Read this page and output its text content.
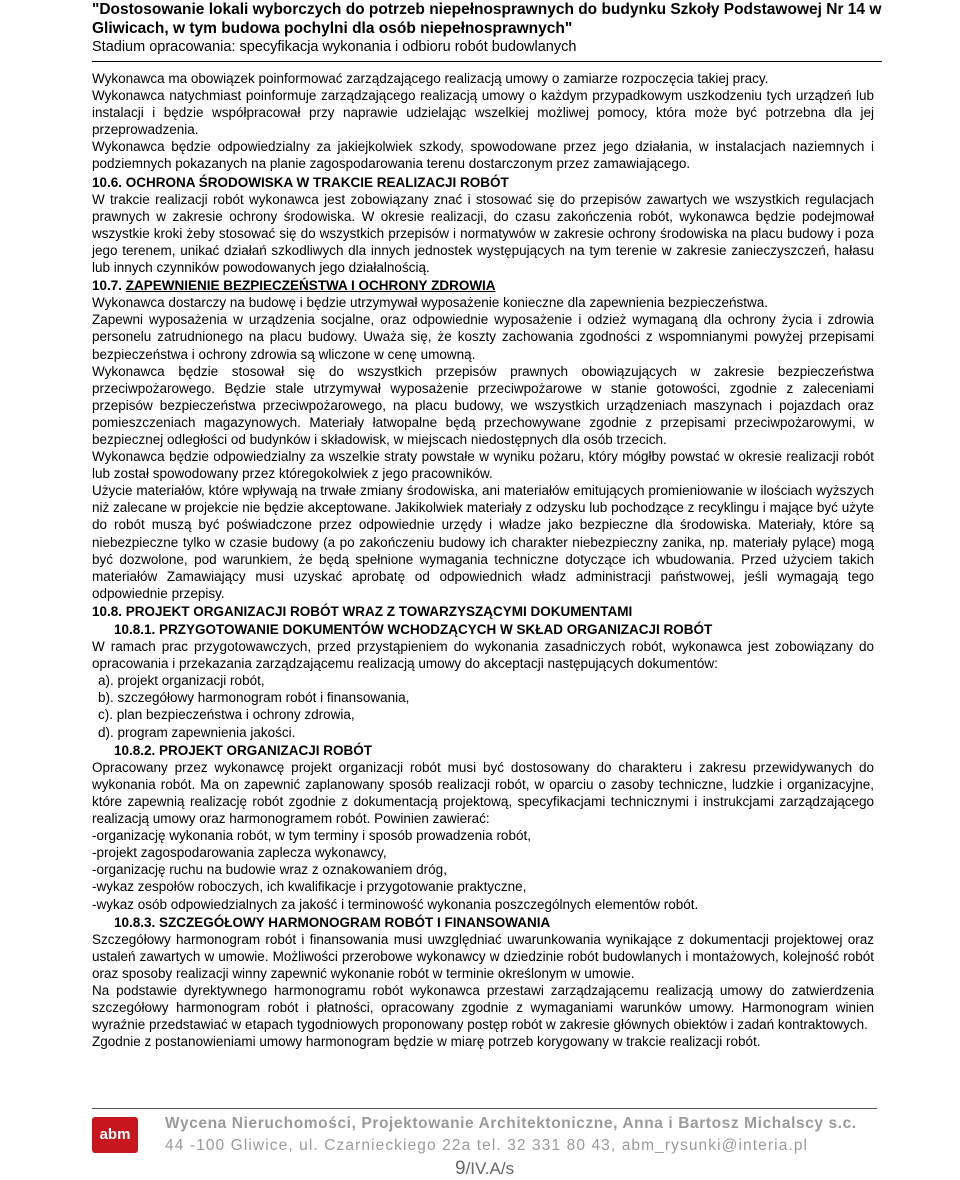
"Dostosowanie lokali wyborczych do potrzeb niepełnosprawnych do budynku Szkoły Podstawowej Nr 14 w
Gliwicach, w tym budowa pochylni dla osób niepełnosprawnych"
Stadium opracowania: specyfikacja wykonania i odbioru robót budowlanych

Wykonawca ma obowiązek poinformować zarządzającego realizacją umowy o zamiarze rozpoczęcia takiej pracy.

Wykonawca natychmiast poinformuje zarządzającego realizacją umowy o każdym przypadkowym uszkodzeniu tych urządzeń lub instalacji i będzie współpracował przy naprawie udzielając wszelkiej możliwej pomocy, która może być potrzebna dla jej przeprowadzenia.

Wykonawca będzie odpowiedzialny za jakiejkolwiek szkody, spowodowane przez jego działania, w instalacjach naziemnych i podziemnych pokazanych na planie zagospodarowania terenu dostarczonym przez zamawiającego.

10.6. OCHRONA ŚRODOWISKA W TRAKCIE REALIZACJI ROBÓT

W trakcie realizacji robót wykonawca jest zobowiązany znać i stosować się do przepisów zawartych we wszystkich regulacjach prawnych w zakresie ochrony środowiska. W okresie realizacji, do czasu zakończenia robót, wykonawca będzie podejmował wszystkie kroki żeby stosować się do wszystkich przepisów i normatywów w zakresie ochrony środowiska na placu budowy i poza jego terenem, unikać działań szkodliwych dla innych jednostek występujących na tym terenie w zakresie zanieczyszczeń, hałasu lub innych czynników powodowanych jego działalnością.

10.7. ZAPEWNIENIE BEZPIECZEŃSTWA I OCHRONY ZDROWIA

Wykonawca dostarczy na budowę i będzie utrzymywał wyposażenie konieczne dla zapewnienia bezpieczeństwa.

Zapewni wyposażenia w urządzenia socjalne, oraz odpowiednie wyposażenie i odzież wymaganą dla ochrony życia i zdrowia personelu zatrudnionego na placu budowy. Uważa się, że koszty zachowania zgodności z wspomnianymi powyżej przepisami bezpieczeństwa i ochrony zdrowia są wliczone w cenę umowną.

Wykonawca będzie stosował się do wszystkich przepisów prawnych obowiązujących w zakresie bezpieczeństwa przeciwpożarowego. Będzie stale utrzymywał wyposażenie przeciwpożarowe w stanie gotowości, zgodnie z zaleceniami przepisów bezpieczeństwa przeciwpożarowego, na placu budowy, we wszystkich urządzeniach maszynach i pojazdach oraz pomieszczeniach magazynowych. Materiały łatwopalne będą przechowywane zgodnie z przepisami przeciwpożarowymi, w bezpiecznej odległości od budynków i składowisk, w miejscach niedostępnych dla osób trzecich.

Wykonawca będzie odpowiedzialny za wszelkie straty powstałe w wyniku pożaru, który mógłby powstać w okresie realizacji robót lub został spowodowany przez któregokolwiek z jego pracowników.

Użycie materiałów, które wpływają na trwałe zmiany środowiska, ani materiałów emitujących promieniowanie w ilościach wyższych niż zalecane w projekcie nie będzie akceptowane. Jakikolwiek materiały z odzysku lub pochodzące z recyklingu i mające być użyte do robót muszą być poświadczone przez odpowiednie urzędy i władze jako bezpieczne dla środowiska. Materiały, które są niebezpieczne tylko w czasie budowy (a po zakończeniu budowy ich charakter niebezpieczny zanika, np. materiały pylące) mogą być dozwolone, pod warunkiem, że będą spełnione wymagania techniczne dotyczące ich wbudowania. Przed użyciem takich materiałów Zamawiający musi uzyskać aprobatę od odpowiednich władz administracji państwowej, jeśli wymagają tego odpowiednie przepisy.

10.8. PROJEKT ORGANIZACJI ROBÓT WRAZ Z TOWARZYSZĄCYMI DOKUMENTAMI
10.8.1. PRZYGOTOWANIE DOKUMENTÓW WCHODZĄCYCH W SKŁAD ORGANIZACJI ROBÓT

W ramach prac przygotowawczych, przed przystąpieniem do wykonania zasadniczych robót, wykonawca jest zobowiązany do opracowania i przekazania zarządzającemu realizacją umowy do akceptacji następujących dokumentów:

a). projekt organizacji robót,
b). szczegółowy harmonogram robót i finansowania,
c). plan bezpieczeństwa i ochrony zdrowia,
d). program zapewnienia jakości.
10.8.2. PROJEKT ORGANIZACJI ROBÓT

Opracowany przez wykonawcę projekt organizacji robót musi być dostosowany do charakteru i zakresu przewidywanych do wykonania robót. Ma on zapewnić zaplanowany sposób realizacji robót, w oparciu o zasoby techniczne, ludzkie i organizacyjne, które zapewnią realizację robót zgodnie z dokumentacją projektową, specyfikacjami technicznymi i instrukcjami zarządzającego realizacją umowy oraz harmonogramem robót. Powinien zawierać:

-organizację wykonania robót, w tym terminy i sposób prowadzenia robót,
-projekt zagospodarowania zaplecza wykonawcy,
-organizację ruchu na budowie wraz z oznakowaniem dróg,
-wykaz zespołów roboczych, ich kwalifikacje i przygotowanie praktyczne,
-wykaz osób odpowiedzialnych za jakość i terminowość wykonania poszczególnych elementów robót.
10.8.3. SZCZEGÓŁOWY HARMONOGRAM ROBÓT I FINANSOWANIA

Szczegółowy harmonogram robót i finansowania musi uwzględniać uwarunkowania wynikające z dokumentacji projektowej oraz ustaleń zawartych w umowie. Możliwości przerobowe wykonawcy w dziedzinie robót budowlanych i montażowych, kolejność robót oraz sposoby realizacji winny zapewnić wykonanie robót w terminie określonym w umowie.

Na podstawie dyrektywnego harmonogramu robót wykonawca przestawi zarządzającemu realizacją umowy do zatwierdzenia szczegółowy harmonogram robót i płatności, opracowany zgodnie z wymaganiami warunków umowy. Harmonogram winien wyraźnie przedstawiać w etapach tygodniowych proponowany postęp robót w zakresie głównych obiektów i zadań kontraktowych.

Zgodnie z postanowieniami umowy harmonogram będzie w miarę potrzeb korygowany w trakcie realizacji robót.

abm
Wycena Nieruchomości, Projektowanie Architektoniczne, Anna i Bartosz Michalscy s.c.
44 -100 Gliwice, ul. Czarnieckiego 22a tel. 32 331 80 43, abm_rysunki@interia.pl
9/IV.A/s
